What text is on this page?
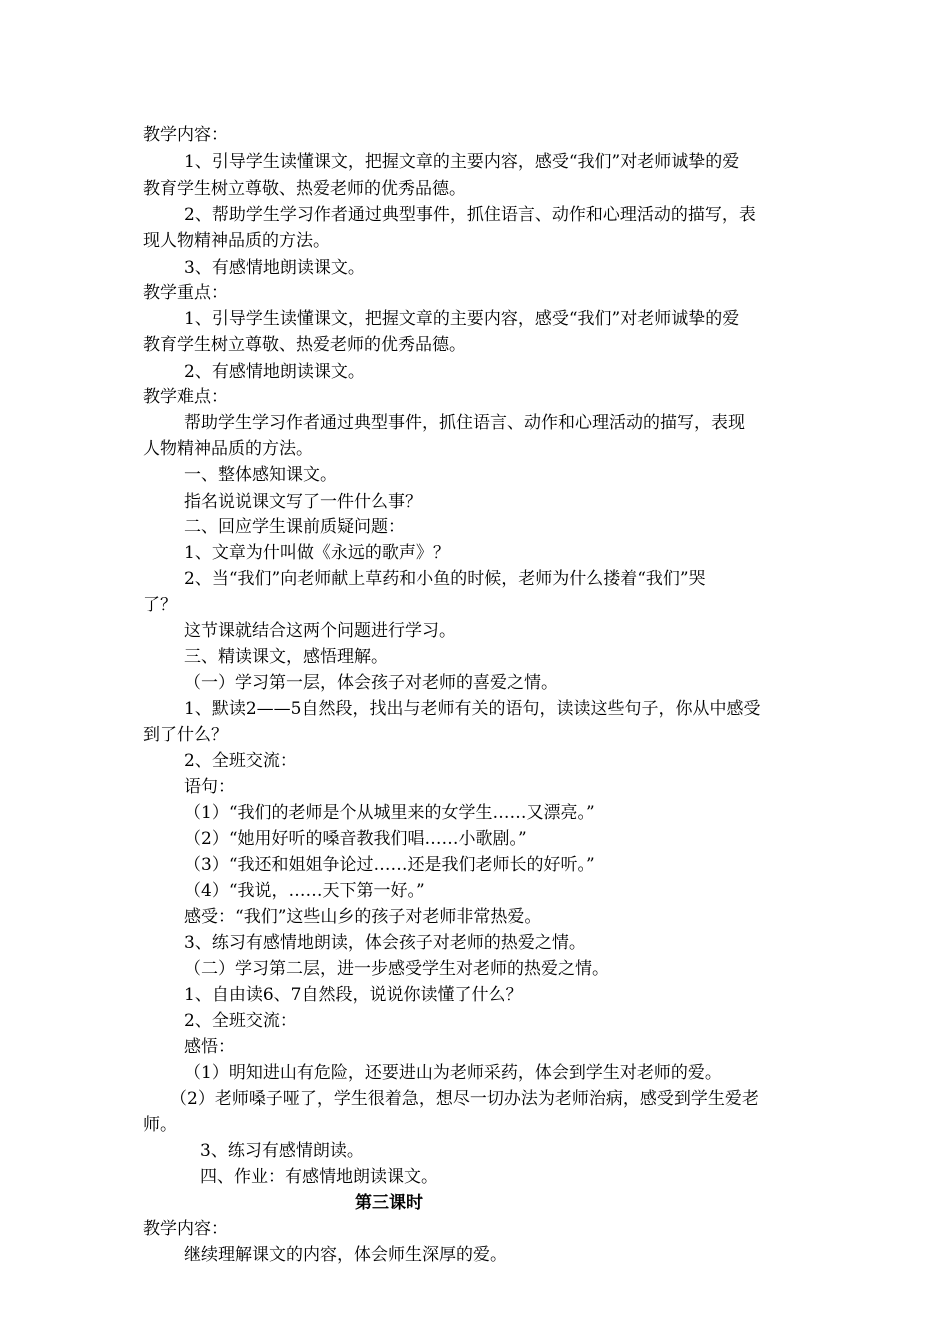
教学内容：
1、引导学生读懂课文，把握文章的主要内容，感受“我们”对老师诚挚的爱
教育学生树立尊敬、热爱老师的优秀品德。
2、帮助学生学习作者通过典型事件，抓住语言、动作和心理活动的描写，表
现人物精神品质的方法。
3、有感情地朗读课文。
教学重点：
1、引导学生读懂课文，把握文章的主要内容，感受“我们”对老师诚挚的爱
教育学生树立尊敬、热爱老师的优秀品德。
2、有感情地朗读课文。
教学难点：
帮助学生学习作者通过典型事件，抓住语言、动作和心理活动的描写，表现
人物精神品质的方法。
一、整体感知课文。
指名说说课文写了一件什么事？
二、回应学生课前质疑问题：
1、文章为什叫做《永远的歌声》？
2、当“我们”向老师献上草药和小鱼的时候，老师为什么搂着“我们”哭
了？
这节课就结合这两个问题进行学习。
三、精读课文，感悟理解。
（一）学习第一层，体会孩子对老师的喜爱之情。
1、默读2——5自然段，找出与老师有关的语句，读读这些句子，你从中感受
到了什么？
2、全班交流：
语句：
（1）“我们的老师是个从城里来的女学生……又漂亮。”
（2）“她用好听的嗓音教我们唱……小歌剧。”
（3）“我还和姐姐争论过……还是我们老师长的好听。”
（4）“我说，……天下第一好。”
感受：“我们”这些山乡的孩子对老师非常热爱。
3、练习有感情地朗读，体会孩子对老师的热爱之情。
（二）学习第二层，进一步感受学生对老师的热爱之情。
1、自由读6、7自然段，说说你读懂了什么？
2、全班交流：
感悟：
（1）明知进山有危险，还要进山为老师采药，体会到学生对老师的爱。
（2）老师嗓子哑了，学生很着急，想尽一切办法为老师治病，感受到学生爱老
师。
3、练习有感情朗读。
四、作业：有感情地朗读课文。
第三课时
教学内容：
继续理解课文的内容，体会师生深厚的爱。
